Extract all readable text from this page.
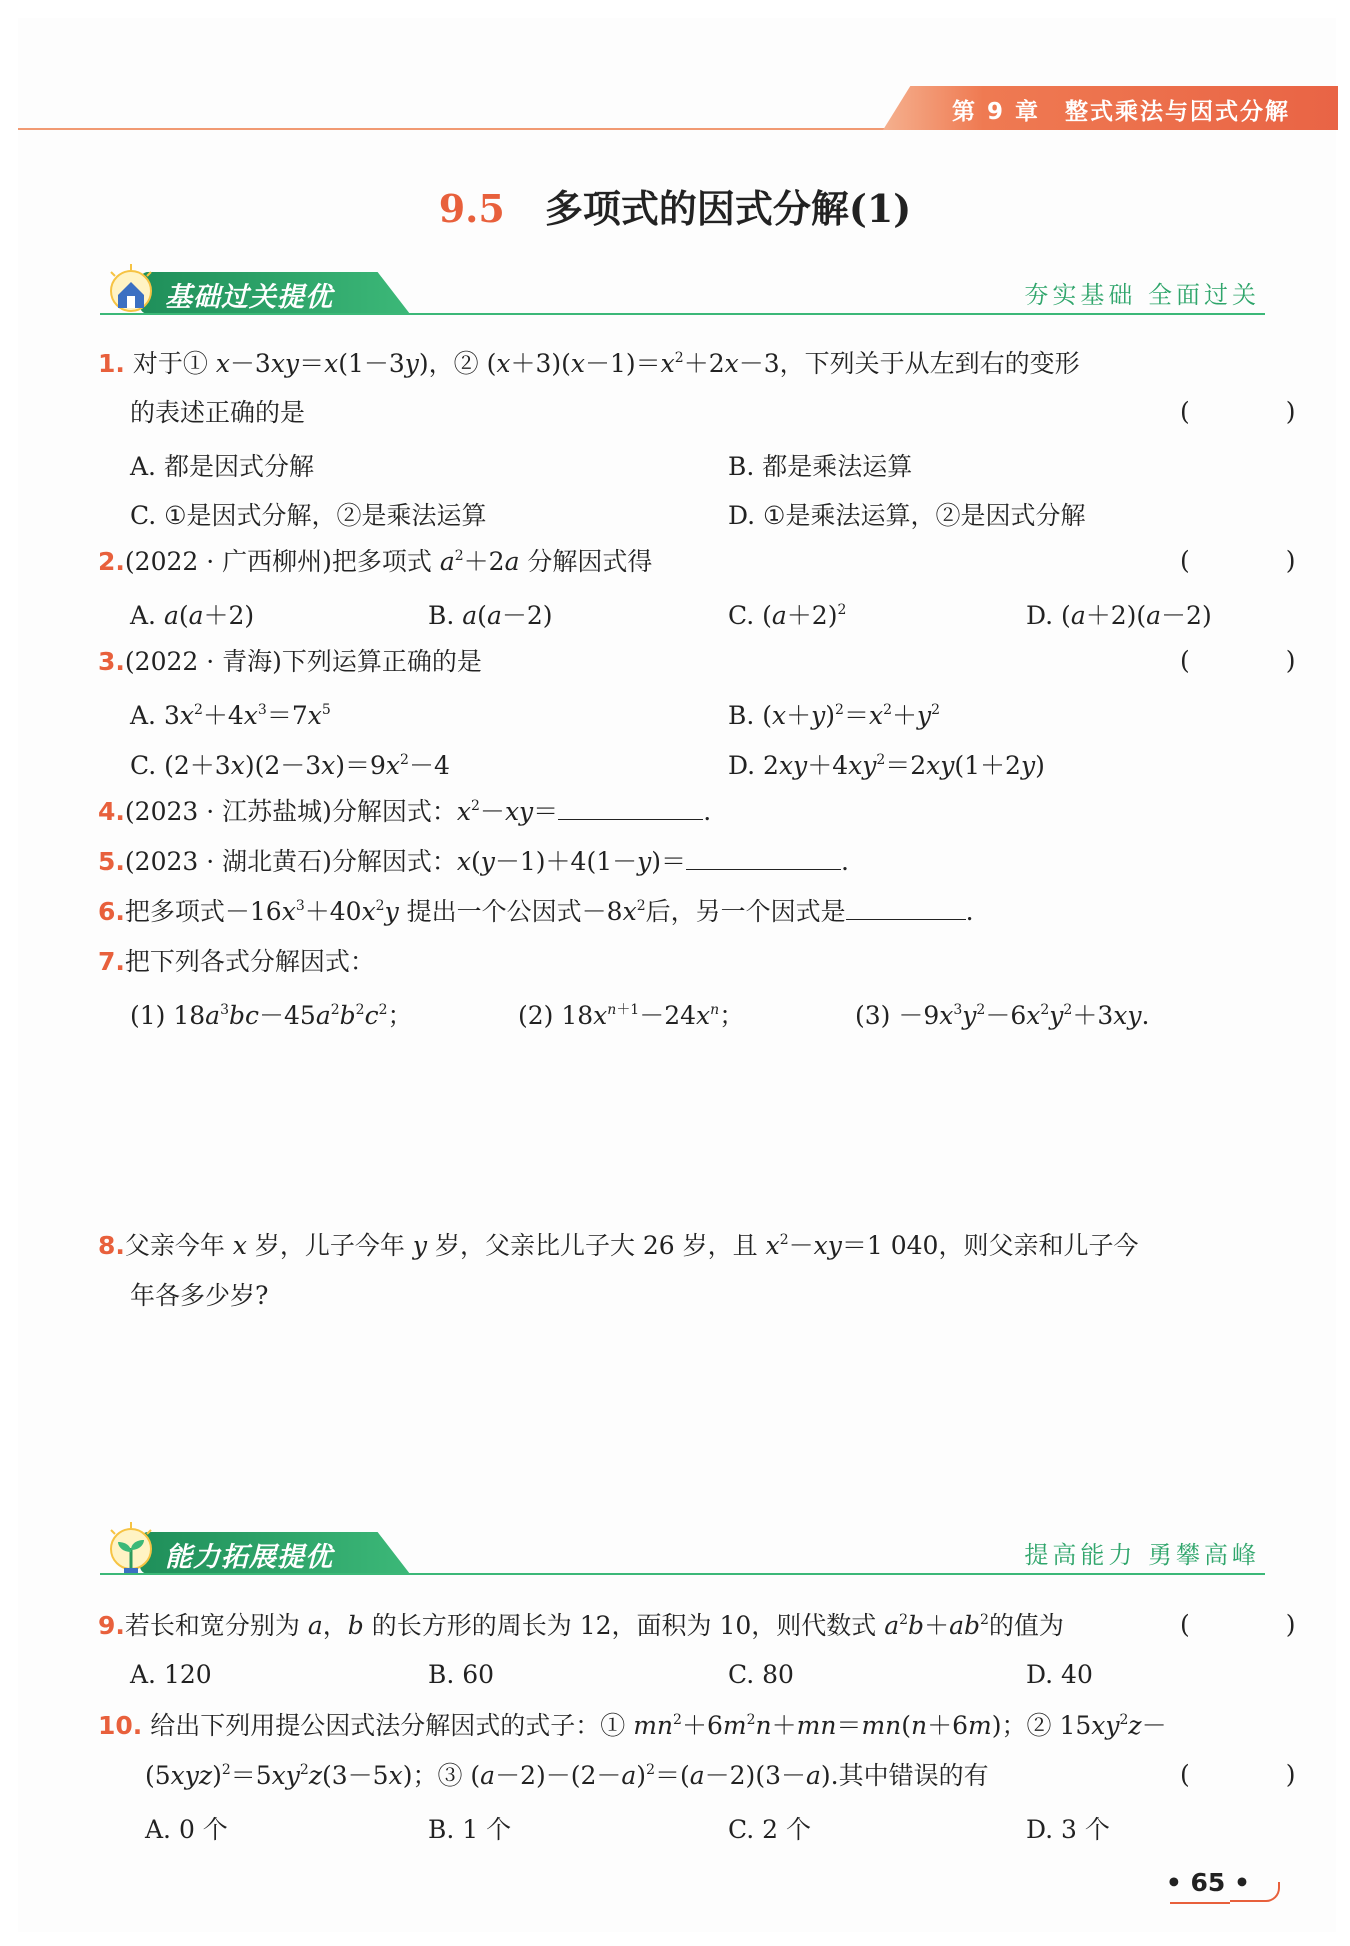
第 9 章　整式乘法与因式分解
9.5 多项式的因式分解(1)
基础过关提优	夯实基础 全面过关
1. 对于① x－3xy＝x(1－3y)，② $(x+3)(x-1)=x^2+2x-3$，下列关于从左到右的变形
的表述正确的是	( )
A. 都是因式分解	B. 都是乘法运算
C. ①是因式分解，②是乘法运算	D. ①是乘法运算，②是因式分解
2.(2022 · 广西柳州)把多项式 $a^2+2a$ 分解因式得	( )
A. a(a＋2)	B. a(a－2)	C. $(a+2)^2$	D. (a＋2)(a－2)
3.(2022 · 青海)下列运算正确的是	( )
A. $3x^2+4x^3=7x^5$	B. $(x+y)^2=x^2+y^2$
C. $(2+3x)(2-3x)=9x^2-4$	D. $2xy+4xy^2=2xy(1+2y)$
4.(2023 · 江苏盐城)分解因式：$x^2-xy=$	.
5.(2023 · 湖北黄石)分解因式：x(y－1)＋4(1－y)＝	.
6.把多项式$-16x^3+40x^2y$ 提出一个公因式$-8x^2$后，另一个因式是	.
7.把下列各式分解因式：
(1) $18a^3bc-45a^2b^2c^2$；	(2) $18x^{n+1}-24x^n$；	$(3) -9x^3y^2-6x^2y^2+3xy$.
8.父亲今年 x 岁，儿子今年 y 岁，父亲比儿子大 26 岁，且 $x^2-xy=1$ 040，则父亲和儿子今
年各多少岁?
能力拓展提优	提高能力 勇攀高峰
9.若长和宽分别为 a，b 的长方形的周长为 12，面积为 10，则代数式 $a^2b+ab^2$的值为	( )
A. 120	B. 60	C. 80	D. 40
10. 给出下列用提公因式法分解因式的式子：① $mn^2+6m^2n+mn=mn(n+6m)$；② $15xy^2z-$
$(5xyz)^2=5xy^2z(3-5x)$；③ $(a-2)-(2-a)^2=(a-2)(3-a)$.其中错误的有	( )
A. 0 个	B. 1 个	C. 2 个	D. 3 个
• 65 •
